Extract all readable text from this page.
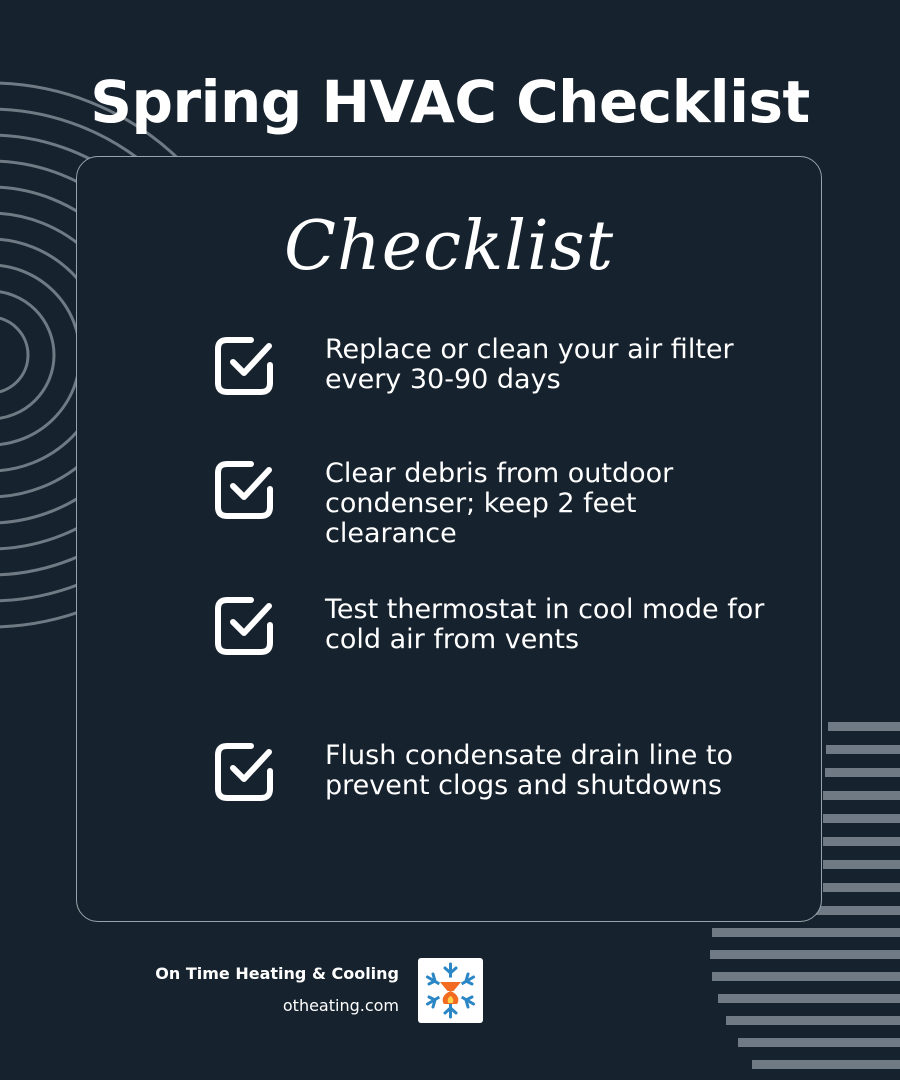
Spring HVAC Checklist
Checklist
Replace or clean your air filter every 30-90 days
Clear debris from outdoor condenser; keep 2 feet clearance
Test thermostat in cool mode for cold air from vents
Flush condensate drain line to prevent clogs and shutdowns
On Time Heating & Cooling
otheating.com
